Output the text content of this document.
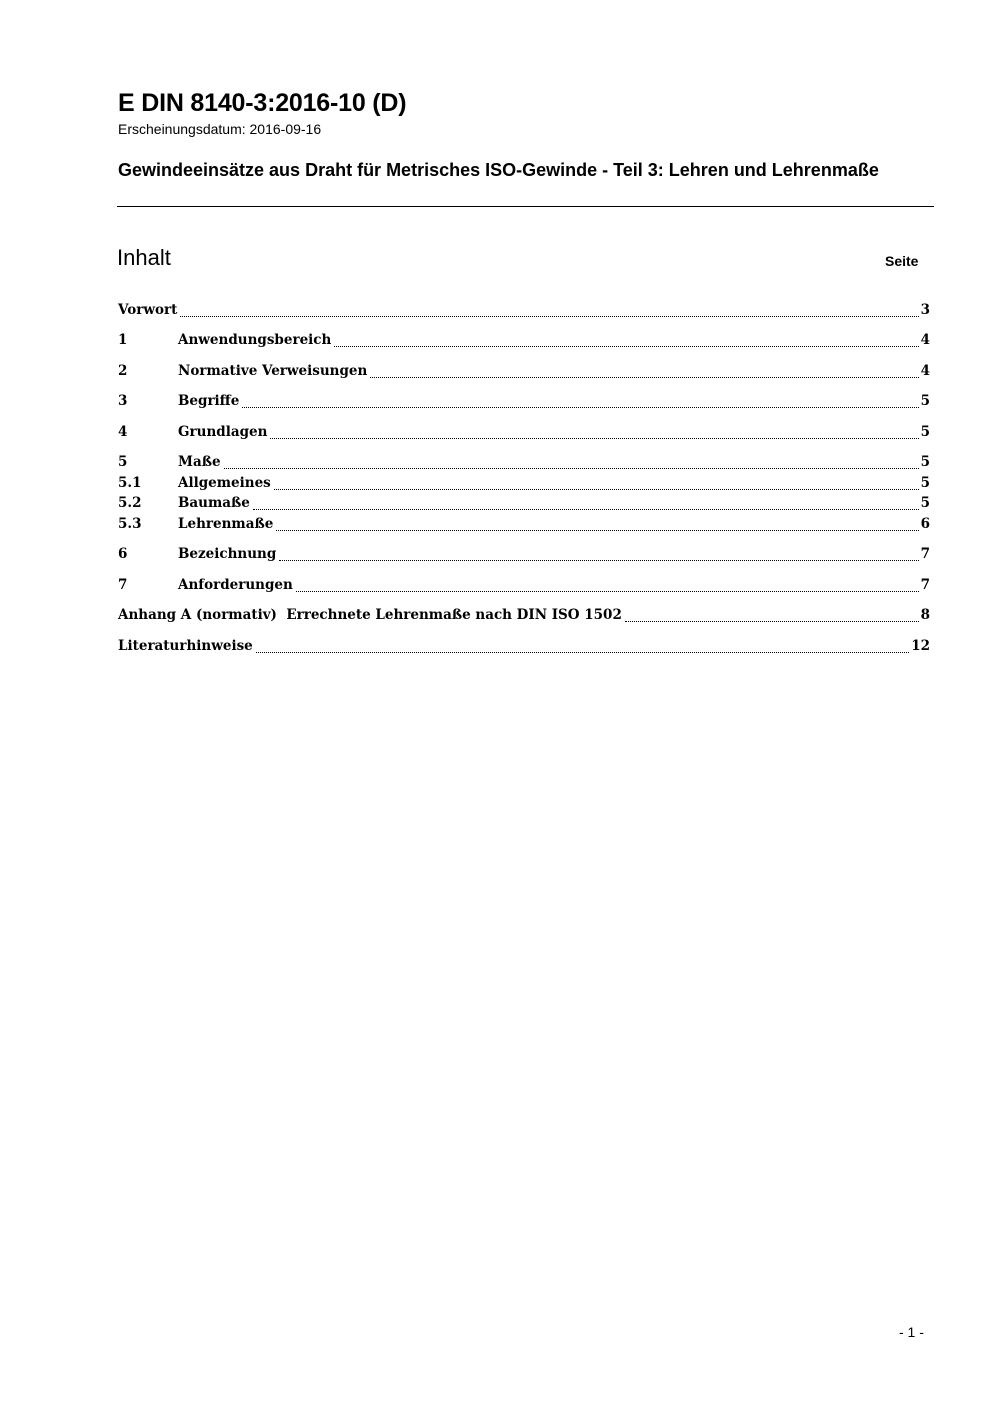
E DIN 8140-3:2016-10 (D)
Erscheinungsdatum: 2016-09-16
Gewindeeinsätze aus Draht für Metrisches ISO-Gewinde - Teil 3: Lehren und Lehrenmaße
Inhalt	Seite
Vorwort	3
1	Anwendungsbereich	4
2	Normative Verweisungen	4
3	Begriffe	5
4	Grundlagen	5
5	Maße	5
5.1	Allgemeines	5
5.2	Baumaße	5
5.3	Lehrenmaße	6
6	Bezeichnung	7
7	Anforderungen	7
Anhang A (normativ)  Errechnete Lehrenmaße nach DIN ISO 1502	8
Literaturhinweise	12
- 1 -
